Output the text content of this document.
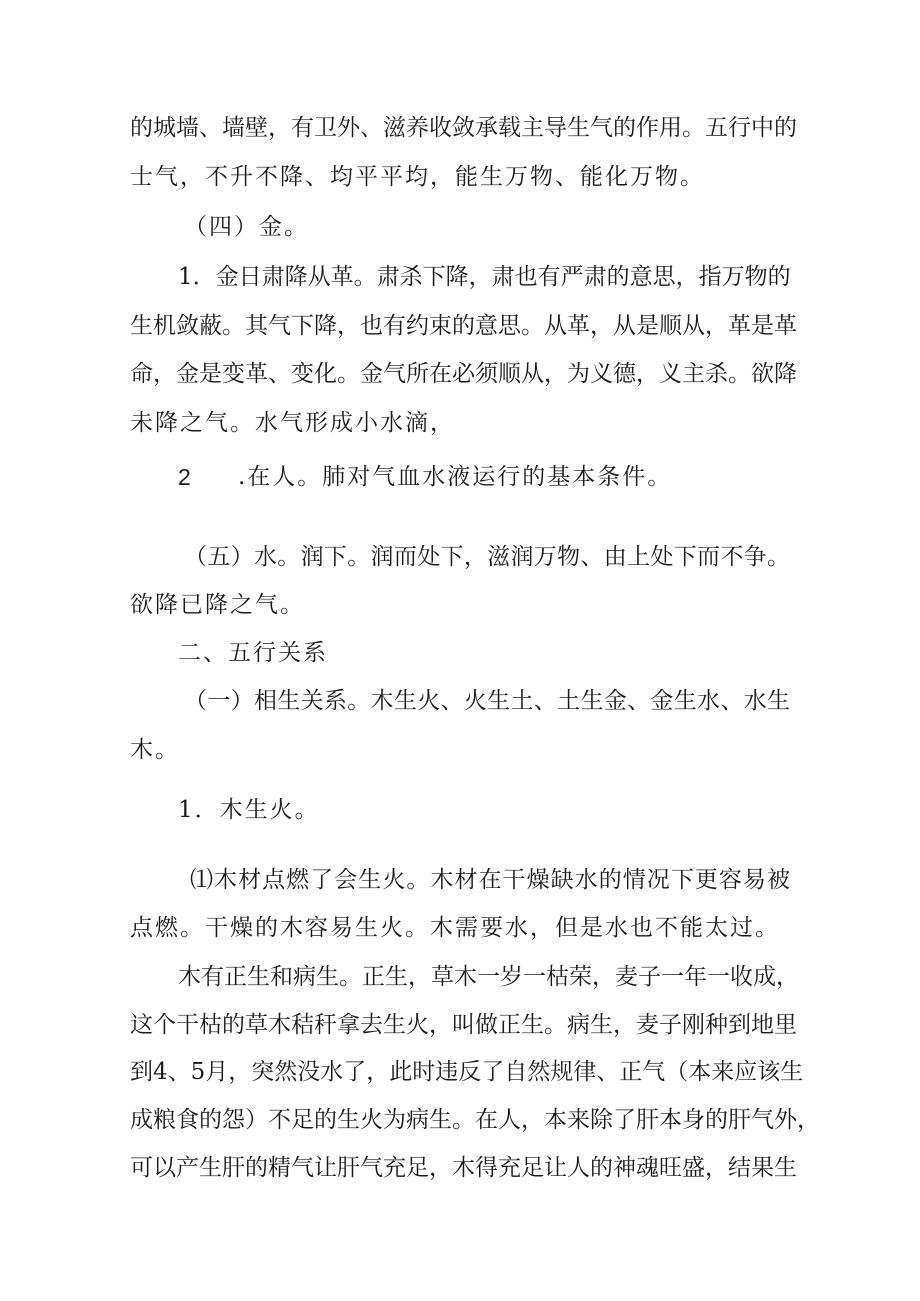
的城墙、墙壁，有卫外、滋养收敛承载主导生气的作用。五行中的
士气，不升不降、均平平均，能生万物、能化万物。
（四）金。
1．金日肃降从革。肃杀下降，肃也有严肃的意思，指万物的
生机敛蔽。其气下降，也有约束的意思。从革，从是顺从，革是革
命，金是变革、变化。金气所在必须顺从，为义德，义主杀。欲降
未降之气。水气形成小水滴，
2 .在人。肺对气血水液运行的基本条件。
（五）水。润下。润而处下，滋润万物、由上处下而不争。
欲降已降之气。
二、五行关系
（一）相生关系。木生火、火生土、土生金、金生水、水生
木。
1．木生火。
⑴木材点燃了会生火。木材在干燥缺水的情况下更容易被
点燃。干燥的木容易生火。木需要水，但是水也不能太过。
木有正生和病生。正生，草木一岁一枯荣，麦子一年一收成，
这个干枯的草木秸秆拿去生火，叫做正生。病生，麦子刚种到地里
到4、5月，突然没水了，此时违反了自然规律、正气（本来应该生
成粮食的怨）不足的生火为病生。在人，本来除了肝本身的肝气外，
可以产生肝的精气让肝气充足，木得充足让人的神魂旺盛，结果生
